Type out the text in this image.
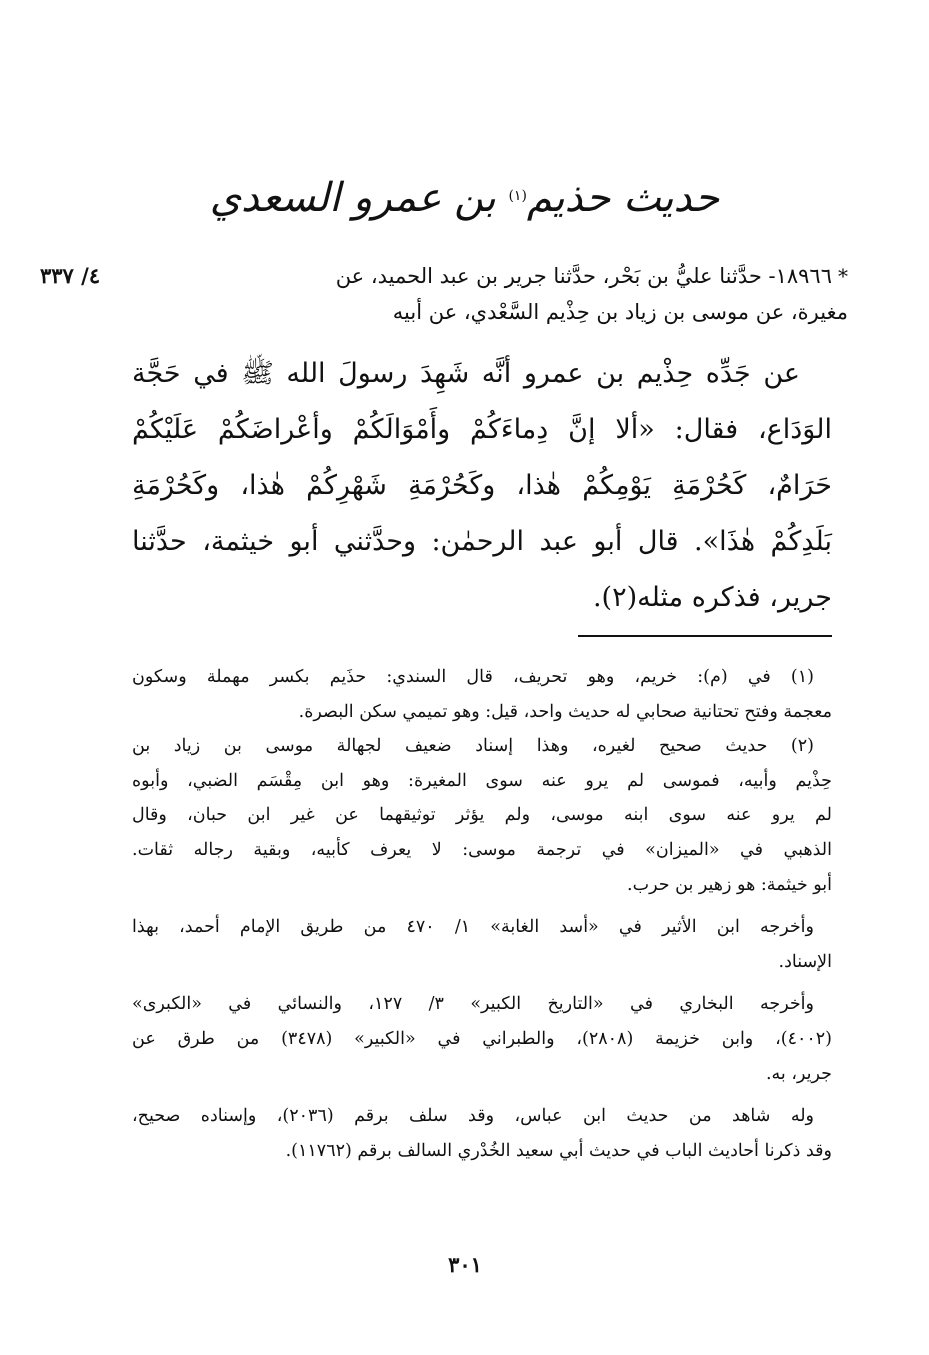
حديث حذيم$^{(١)}$ بن عمرو السعدي
٤/ ٣٣٧	*١٨٩٦٦- حدَّثنا عليُّ بن بَحْر، حدَّثنا جرير بن عبد الحميد، عن
مغيرة، عن موسى بن زياد بن حِذْيم السَّعْدي، عن أبيه
عن جَدِّه حِذْيم بن عمرو أنَّه شَهِدَ رسولَ الله ﷺ في حَجَّة
الوَدَاع، فقال: «ألا إنَّ دِماءَكُمْ وأَمْوَالَكُمْ وأعْراضَكُمْ عَلَيْكُمْ
حَرَامٌ، كَحُرْمَةِ يَوْمِكُمْ هٰذا، وكَحُرْمَةِ شَهْرِكُمْ هٰذا، وكَحُرْمَةِ
بَلَدِكُمْ هٰذَا». قال أبو عبد الرحمٰن: وحدَّثني أبو خيثمة، حدَّثنا
جرير، فذكره مثله(٢).
(١) في (م): خريم، وهو تحريف، قال السندي: حذَيم بكسر مهملة وسكون
معجمة وفتح تحتانية صحابي له حديث واحد، قيل: وهو تميمي سكن البصرة.
(٢) حديث صحيح لغيره، وهذا إسناد ضعيف لجهالة موسى بن زياد بن
حِذْيم وأبيه، فموسى لم يرو عنه سوى المغيرة: وهو ابن مِقْسَم الضبي، وأبوه
لم يرو عنه سوى ابنه موسى، ولم يؤثر توثيقهما عن غير ابن حبان، وقال
الذهبي في «الميزان» في ترجمة موسى: لا يعرف كأبيه، وبقية رجاله ثقات.
أبو خيثمة: هو زهير بن حرب.
وأخرجه ابن الأثير في «أسد الغابة» ١/ ٤٧٠ من طريق الإمام أحمد، بهذا
الإسناد.
وأخرجه البخاري في «التاريخ الكبير» ٣/ ١٢٧، والنسائي في «الكبرى»
(٤٠٠٢)، وابن خزيمة (٢٨٠٨)، والطبراني في «الكبير» (٣٤٧٨) من طرق عن
جرير، به.
وله شاهد من حديث ابن عباس، وقد سلف برقم (٢٠٣٦)، وإسناده صحيح،
وقد ذكرنا أحاديث الباب في حديث أبي سعيد الخُدْري السالف برقم (١١٧٦٢).
٣٠١
